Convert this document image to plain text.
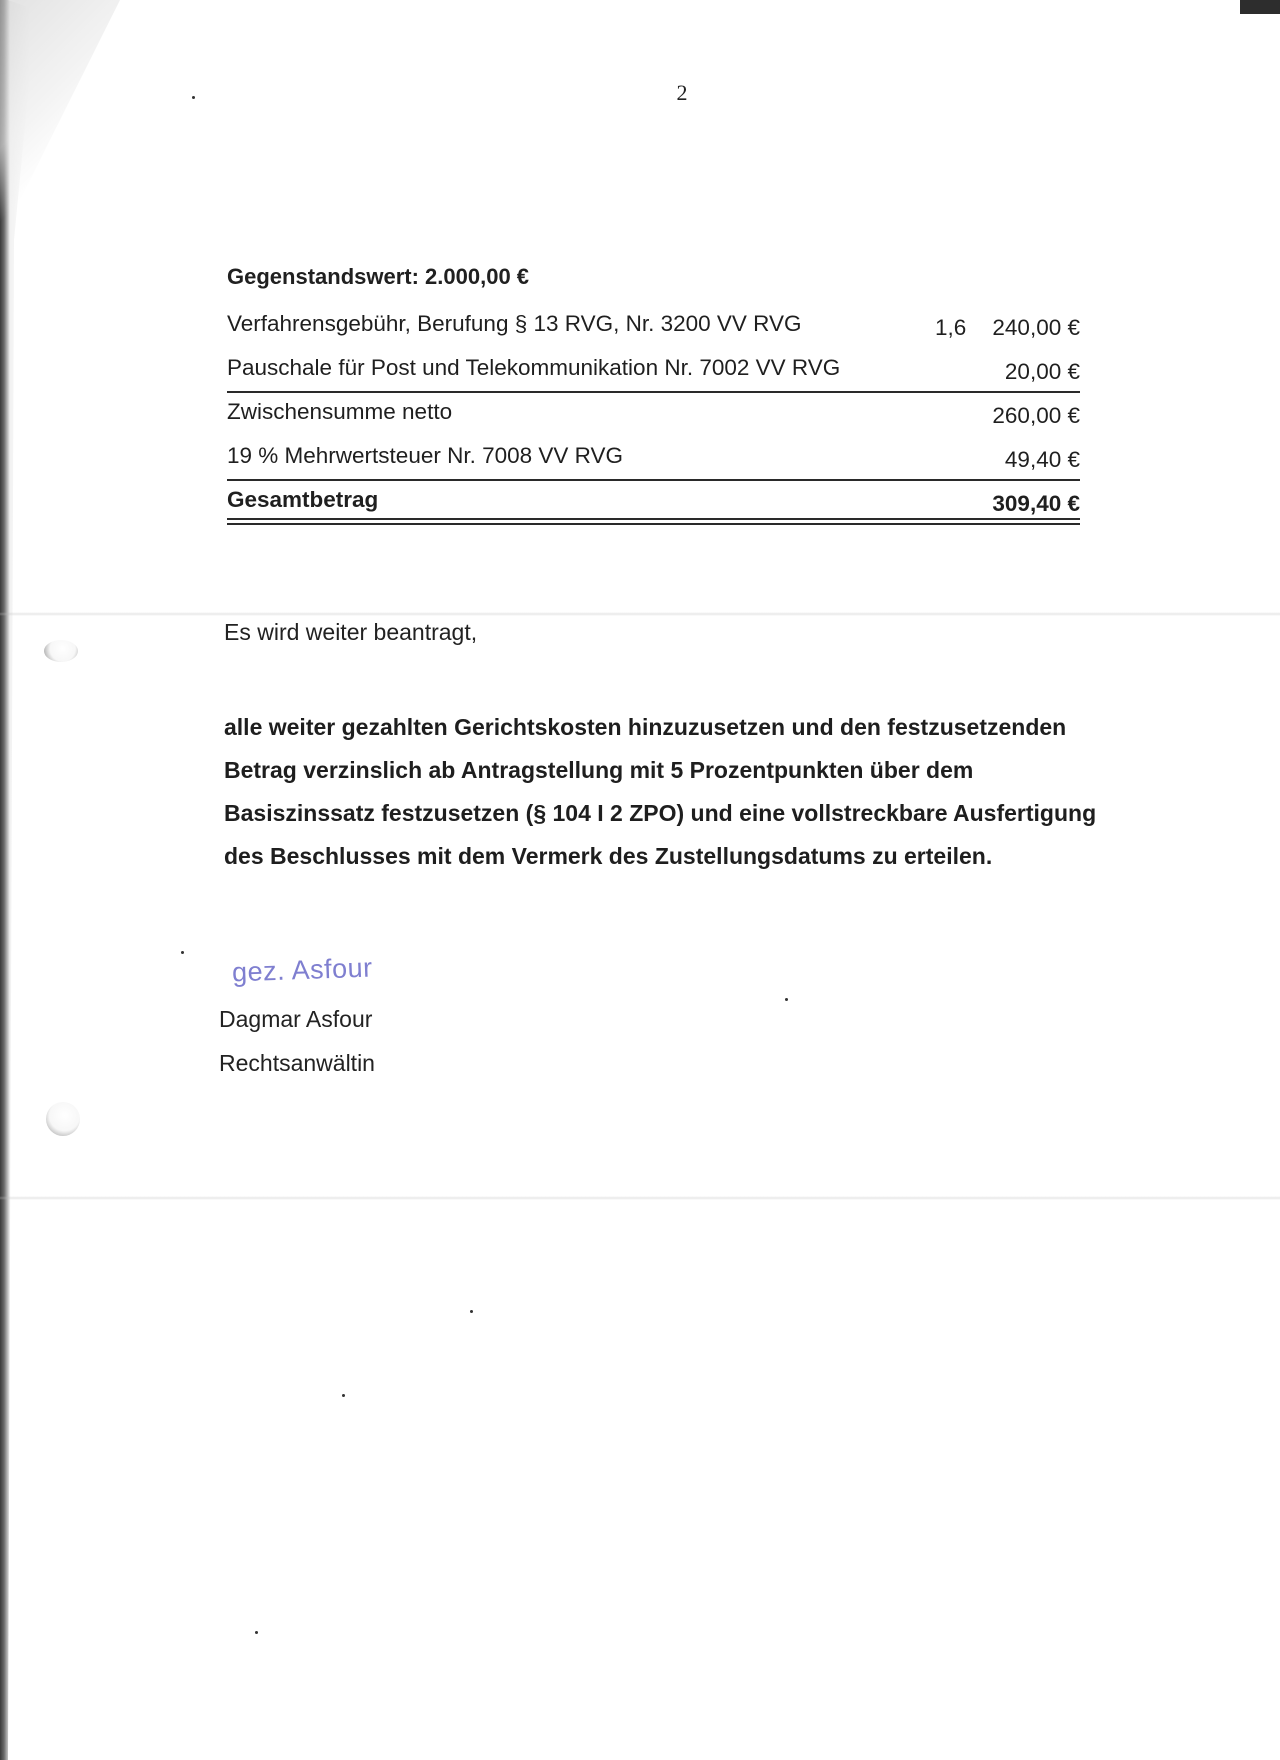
2
Gegenstandswert: 2.000,00 €
Verfahrensgebühr, Berufung § 13 RVG, Nr. 3200 VV RVG	1,6 240,00 €
Pauschale für Post und Telekommunikation Nr. 7002 VV RVG	20,00 €
Zwischensumme netto	260,00 €
19 % Mehrwertsteuer Nr. 7008 VV RVG	49,40 €
Gesamtbetrag	309,40 €
Es wird weiter beantragt,
alle weiter gezahlten Gerichtskosten hinzuzusetzen und den festzusetzenden
Betrag verzinslich ab Antragstellung mit 5 Prozentpunkten über dem
Basiszinssatz festzusetzen (§ 104 I 2 ZPO) und eine vollstreckbare Ausfertigung
des Beschlusses mit dem Vermerk des Zustellungsdatums zu erteilen.
gez. Asfour
Dagmar Asfour
Rechtsanwältin
